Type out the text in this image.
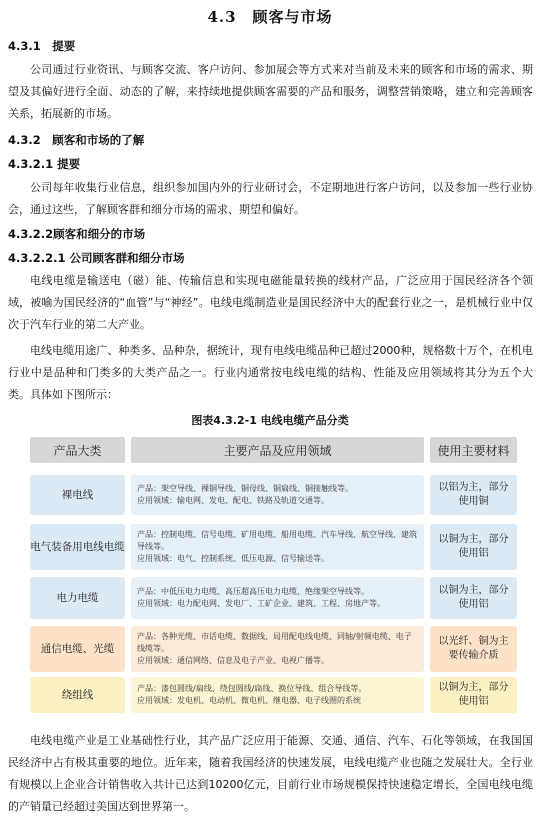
4.3　顾客与市场
4.3.1　提要
公司通过行业资讯、与顾客交流、客户访问、参加展会等方式来对当前及未来的顾客和市场的需求、期望及其偏好进行全面、动态的了解，来持续地提供顾客需要的产品和服务，调整营销策略，建立和完善顾客关系，拓展新的市场。
4.3.2　顾客和市场的了解
4.3.2.1 提要
公司每年收集行业信息，组织参加国内外的行业研讨会，不定期地进行客户访问，以及参加一些行业协会，通过这些，了解顾客群和细分市场的需求、期望和偏好。
4.3.2.2顾客和细分的市场
4.3.2.2.1 公司顾客群和细分市场
电线电缆是输送电（磁）能、传输信息和实现电磁能量转换的线材产品，广泛应用于国民经济各个领域，被喻为国民经济的“血管”与“神经”。电线电缆制造业是国民经济中大的配套行业之一，是机械行业中仅次于汽车行业的第二大产业。
电线电缆用途广、种类多、品种杂，据统计，现有电线电缆品种已超过2000种，规格数十万个，在机电行业中是品种和门类多的大类产品之一。行业内通常按电线电缆的结构、性能及应用领域将其分为五个大类。具体如下图所示：
图表4.3.2-1 电线电缆产品分类
产品大类	主要产品及应用领域	使用主要材料
裸电线
产品：架空导线、裸铜导线、铜母线、铜扁线、铜接触线等。
应用领域：输电网、发电、配电、铁路及轨道交通等。
以铝为主，部分使用铜
电气装备用电线电缆
产品：控制电缆、信号电缆、矿用电缆、船用电缆、汽车导线、航空导线、建筑导线等。
应用领域：电气、控制系统、低压电源、信号输送等。
以铜为主，部分使用铝
电力电缆
产品：中低压电力电缆、高压超高压电力电缆、绝缘架空导线等。
应用领域：电力配电网、发电厂、工矿企业、建筑、工程、房地产等。
以铜为主，部分使用铝
通信电缆、光缆
产品：各种光缆、市话电缆、数据线、局用配电线电缆、同轴/射频电缆、电子线缆等。
应用领域：通信网络、信息及电子产业、电视广播等。
以光纤、铜为主要传输介质
绕组线
产品：漆包圆线/扁线、绕包圆线/扁线、换位导线、组合导线等。
应用领域：发电机、电动机、微电机、继电器、电子线圈的系统
以铜为主，部分使用铝
电线电缆产业是工业基础性行业，其产品广泛应用于能源、交通、通信、汽车、石化等领域，在我国国民经济中占有极其重要的地位。近年来，随着我国经济的快速发展，电线电缆产业也随之发展壮大。全行业有规模以上企业合计销售收入共计已达到10200亿元，目前行业市场规模保持快速稳定增长，全国电线电缆的产销量已经超过美国达到世界第一。
